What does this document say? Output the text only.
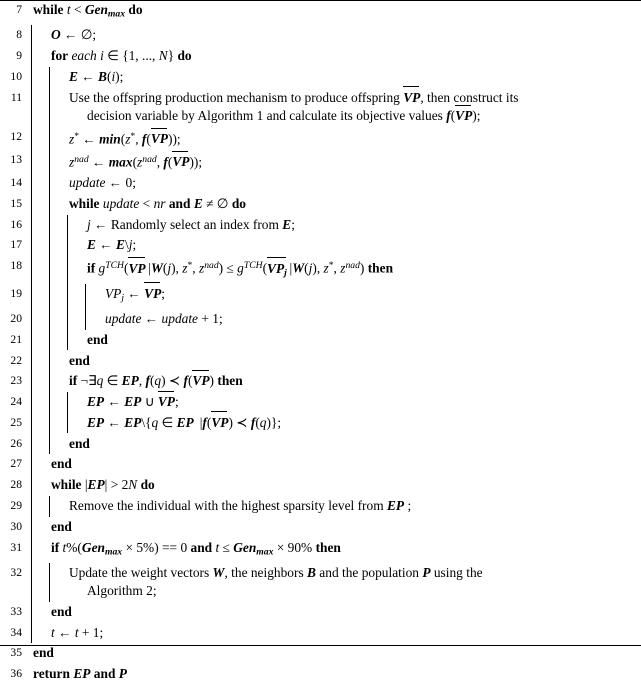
7 while t < Gen$_{max}$ do
8	O ← ∅;
9	for each i ∈ {1, ..., N} do
10	E ← B(i);
11	Use the offspring production mechanism to produce offspring VP
, then construct its
decision variable by Algorithm 1 and calculate its objective values f(VP
);
12	z* ← min(z*, f(VP
));
13	$z^{nad}$ ← $\max(z^{nad}$, f(VP
));
14	update ← 0;
15	while update < nr and E ≠ ∅ do
16	j ← Randomly select an index from E;
17	E ← E\j;
18	if $g^{TCH}(VP$
 |W(j), z*, $z^{nad}) \le g^{TCH}(VP_j$
 |W(j), z*, $z^{nad}$) then
19	$VP_j$ ← VP
;
20	update ← update + 1;
21	end
22	end
23	if ¬∃q ∈ EP, f(q) ≺ f(VP
) then
24	EP ← EP ∪ VP
;
25	EP ← EP\{q ∈ EP  |f(VP
) ≺ f(q)};
26	end
27	end
28	while |EP| > 2N do
29	Remove the individual with the highest sparsity level from EP ;
30	end
31	if t%(Gen$_{max}$ × 5%) == 0 and t ≤ Gen$_{max}$ × 90% then
32	Update the weight vectors W, the neighbors B and the population P using the
Algorithm 2;
33	end
34	t ← t + 1;
35 end
36 return EP and P
